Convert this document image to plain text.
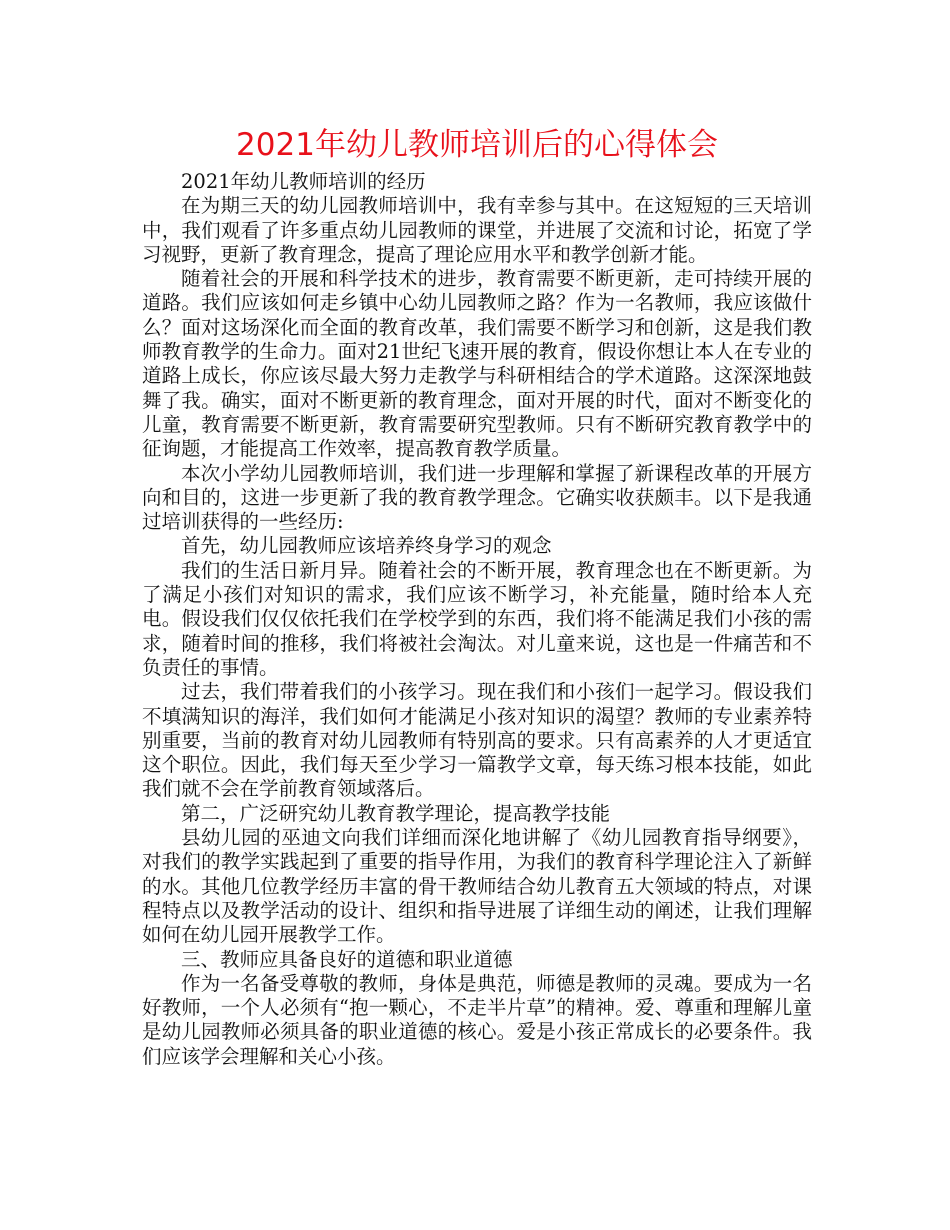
2021年幼儿教师培训后的心得体会

2021年幼儿教师培训的经历

在为期三天的幼儿园教师培训中，我有幸参与其中。在这短短的三天培训中，我们观看了许多重点幼儿园教师的课堂，并进展了交流和讨论，拓宽了学习视野，更新了教育理念，提高了理论应用水平和教学创新才能。

随着社会的开展和科学技术的进步，教育需要不断更新，走可持续开展的道路。我们应该如何走乡镇中心幼儿园教师之路？作为一名教师，我应该做什么？面对这场深化而全面的教育改革，我们需要不断学习和创新，这是我们教师教育教学的生命力。面对21世纪飞速开展的教育，假设你想让本人在专业的道路上成长，你应该尽最大努力走教学与科研相结合的学术道路。这深深地鼓舞了我。确实，面对不断更新的教育理念，面对开展的时代，面对不断变化的儿童，教育需要不断更新，教育需要研究型教师。只有不断研究教育教学中的征询题，才能提高工作效率，提高教育教学质量。

本次小学幼儿园教师培训，我们进一步理解和掌握了新课程改革的开展方向和目的，这进一步更新了我的教育教学理念。它确实收获颇丰。以下是我通过培训获得的一些经历:

首先，幼儿园教师应该培养终身学习的观念

我们的生活日新月异。随着社会的不断开展，教育理念也在不断更新。为了满足小孩们对知识的需求，我们应该不断学习，补充能量，随时给本人充电。假设我们仅仅依托我们在学校学到的东西，我们将不能满足我们小孩的需求，随着时间的推移，我们将被社会淘汰。对儿童来说，这也是一件痛苦和不负责任的事情。

过去，我们带着我们的小孩学习。现在我们和小孩们一起学习。假设我们不填满知识的海洋，我们如何才能满足小孩对知识的渴望？教师的专业素养特别重要，当前的教育对幼儿园教师有特别高的要求。只有高素养的人才更适宜这个职位。因此，我们每天至少学习一篇教学文章，每天练习根本技能，如此我们就不会在学前教育领域落后。

第二，广泛研究幼儿教育教学理论，提高教学技能

县幼儿园的巫迪文向我们详细而深化地讲解了《幼儿园教育指导纲要》，对我们的教学实践起到了重要的指导作用，为我们的教育科学理论注入了新鲜的水。其他几位教学经历丰富的骨干教师结合幼儿教育五大领域的特点，对课程特点以及教学活动的设计、组织和指导进展了详细生动的阐述，让我们理解如何在幼儿园开展教学工作。

三、教师应具备良好的道德和职业道德

作为一名备受尊敬的教师，身体是典范，师德是教师的灵魂。要成为一名好教师，一个人必须有“抱一颗心，不走半片草”的精神。爱、尊重和理解儿童是幼儿园教师必须具备的职业道德的核心。爱是小孩正常成长的必要条件。我们应该学会理解和关心小孩。
